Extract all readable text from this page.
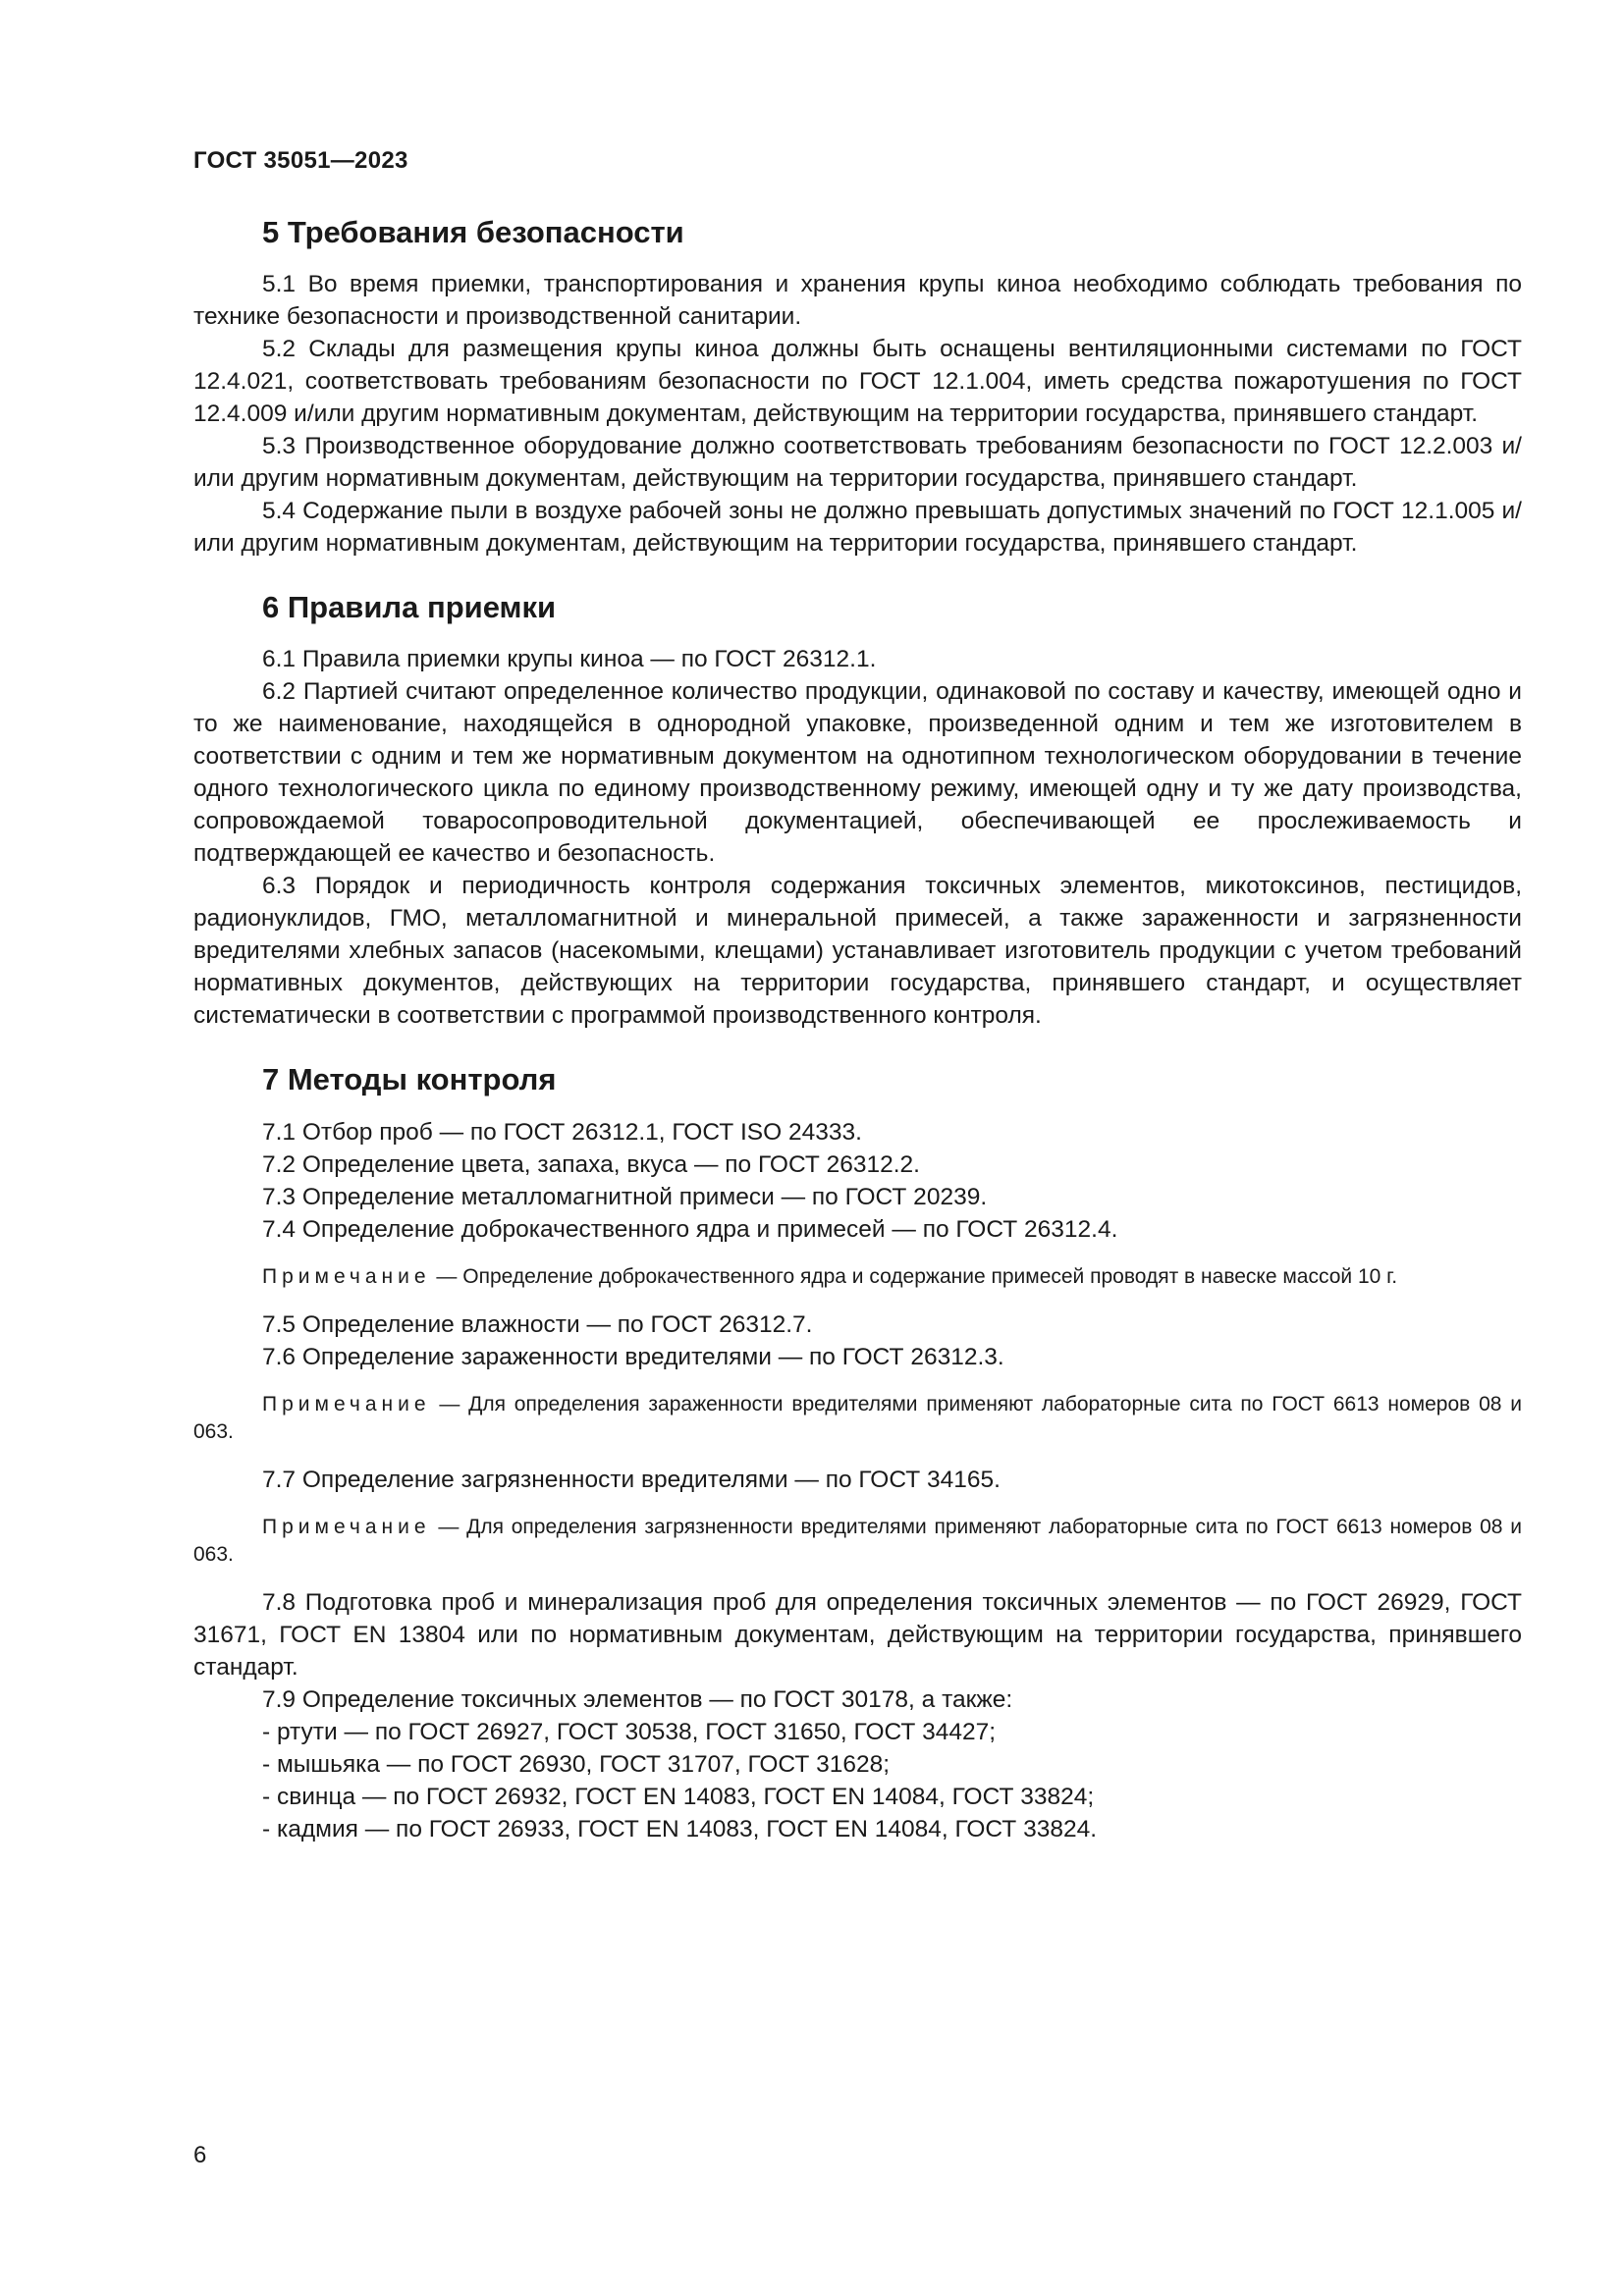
ГОСТ 35051—2023
5 Требования безопасности

5.1 Во время приемки, транспортирования и хранения крупы киноа необходимо соблюдать требования по технике безопасности и производственной санитарии.

5.2 Склады для размещения крупы киноа должны быть оснащены вентиляционными системами по ГОСТ 12.4.021, соответствовать требованиям безопасности по ГОСТ 12.1.004, иметь средства пожаротушения по ГОСТ 12.4.009 и/или другим нормативным документам, действующим на территории государства, принявшего стандарт.

5.3 Производственное оборудование должно соответствовать требованиям безопасности по ГОСТ 12.2.003 и/или другим нормативным документам, действующим на территории государства, принявшего стандарт.

5.4 Содержание пыли в воздухе рабочей зоны не должно превышать допустимых значений по ГОСТ 12.1.005 и/или другим нормативным документам, действующим на территории государства, принявшего стандарт.

6 Правила приемки

6.1 Правила приемки крупы киноа — по ГОСТ 26312.1.

6.2 Партией считают определенное количество продукции, одинаковой по составу и качеству, имеющей одно и то же наименование, находящейся в однородной упаковке, произведенной одним и тем же изготовителем в соответствии с одним и тем же нормативным документом на однотипном технологическом оборудовании в течение одного технологического цикла по единому производственному режиму, имеющей одну и ту же дату производства, сопровождаемой товаросопроводительной документацией, обеспечивающей ее прослеживаемость и подтверждающей ее качество и безопасность.

6.3 Порядок и периодичность контроля содержания токсичных элементов, микотоксинов, пестицидов, радионуклидов, ГМО, металломагнитной и минеральной примесей, а также зараженности и загрязненности вредителями хлебных запасов (насекомыми, клещами) устанавливает изготовитель продукции с учетом требований нормативных документов, действующих на территории государства, принявшего стандарт, и осуществляет систематически в соответствии с программой производственного контроля.

7 Методы контроля

7.1 Отбор проб — по ГОСТ 26312.1, ГОСТ ISO 24333.

7.2 Определение цвета, запаха, вкуса — по ГОСТ 26312.2.

7.3 Определение металломагнитной примеси — по ГОСТ 20239.

7.4 Определение доброкачественного ядра и примесей — по ГОСТ 26312.4.

Примечание — Определение доброкачественного ядра и содержание примесей проводят в навеске массой 10 г.

7.5 Определение влажности — по ГОСТ 26312.7.

7.6 Определение зараженности вредителями — по ГОСТ 26312.3.

Примечание — Для определения зараженности вредителями применяют лабораторные сита по ГОСТ 6613 номеров 08 и 063.

7.7 Определение загрязненности вредителями — по ГОСТ 34165.

Примечание — Для определения загрязненности вредителями применяют лабораторные сита по ГОСТ 6613 номеров 08 и 063.

7.8 Подготовка проб и минерализация проб для определения токсичных элементов — по ГОСТ 26929, ГОСТ 31671, ГОСТ EN 13804 или по нормативным документам, действующим на территории государства, принявшего стандарт.

7.9 Определение токсичных элементов — по ГОСТ 30178, а также:

- ртути — по ГОСТ 26927, ГОСТ 30538, ГОСТ 31650, ГОСТ 34427;
- мышьяка — по ГОСТ 26930, ГОСТ 31707, ГОСТ 31628;
- свинца — по ГОСТ 26932, ГОСТ EN 14083, ГОСТ EN 14084, ГОСТ 33824;
- кадмия — по ГОСТ 26933, ГОСТ EN 14083, ГОСТ EN 14084, ГОСТ 33824.
6
